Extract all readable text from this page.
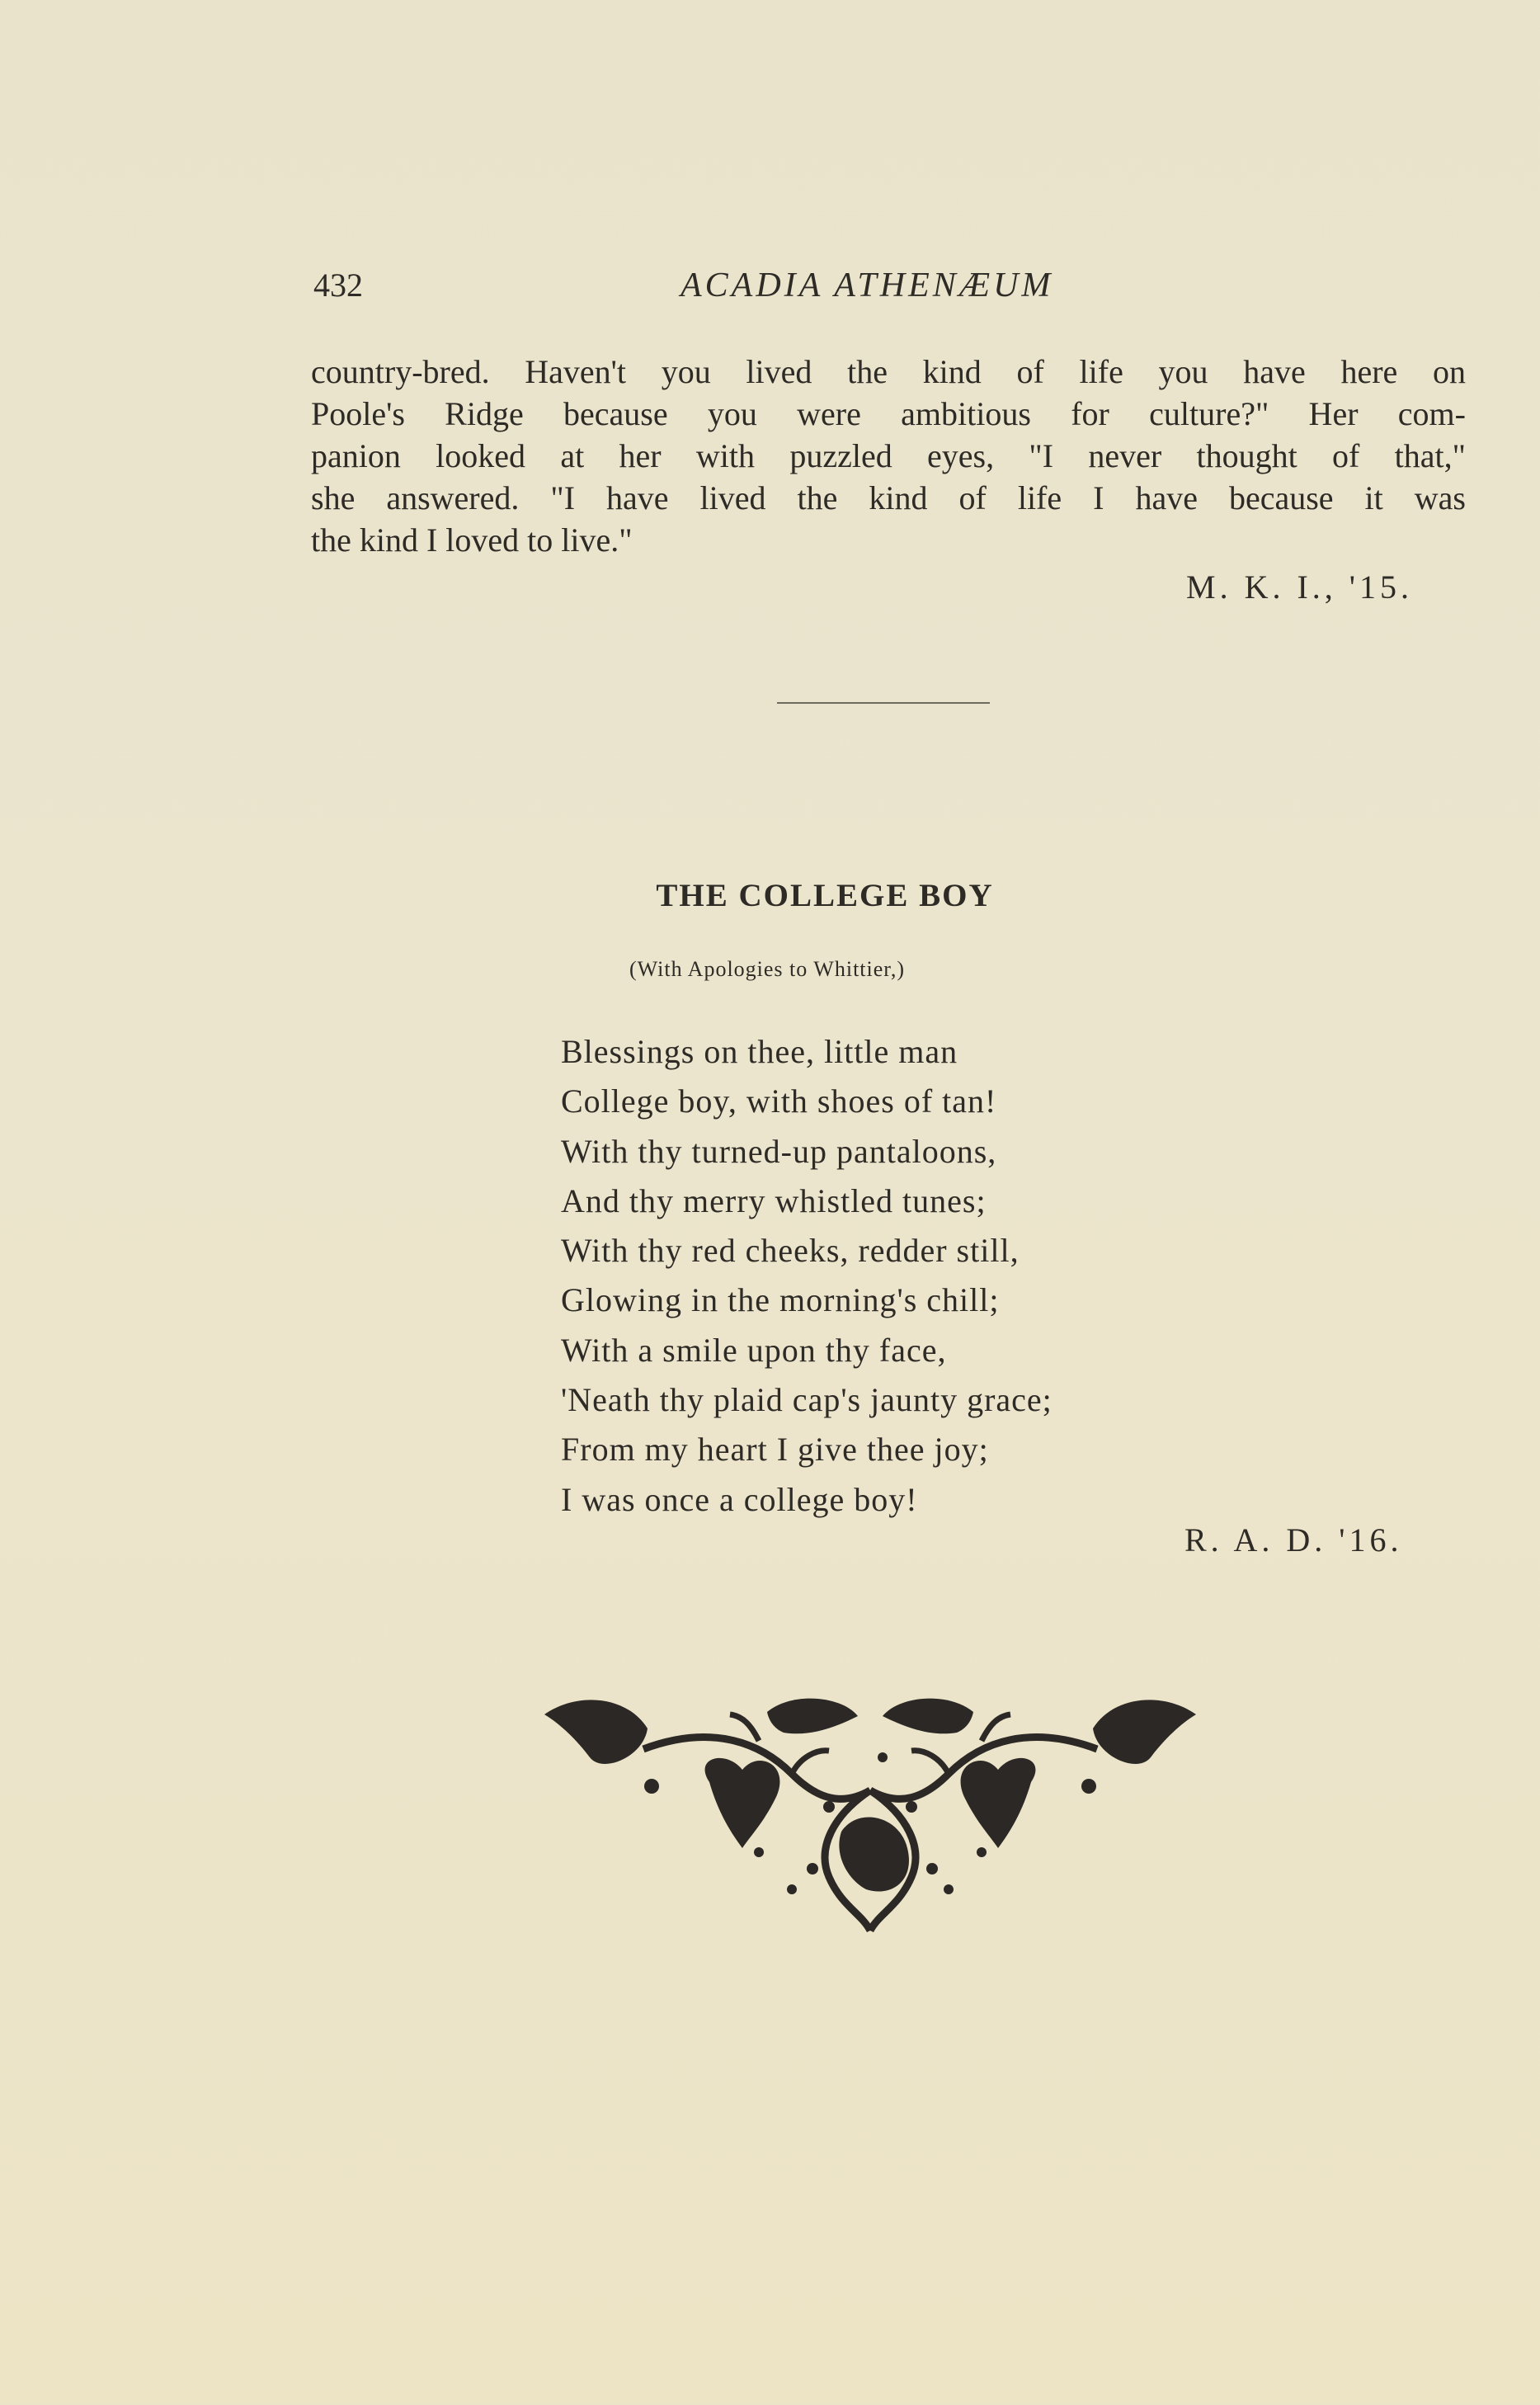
432	ACADIA ATHENÆUM
country-bred. Haven't you lived the kind of life you have here on
Poole's Ridge because you were ambitious for culture?" Her com-
panion looked at her with puzzled eyes, "I never thought of that,"
she answered. "I have lived the kind of life I have because it was
the kind I loved to live."
M. K. I., '15.
THE COLLEGE BOY
(With Apologies to Whittier,)
Blessings on thee, little man
College boy, with shoes of tan!
With thy turned-up pantaloons,
And thy merry whistled tunes;
With thy red cheeks, redder still,
Glowing in the morning's chill;
With a smile upon thy face,
'Neath thy plaid cap's jaunty grace;
From my heart I give thee joy;
I was once a college boy!
R. A. D. '16.
